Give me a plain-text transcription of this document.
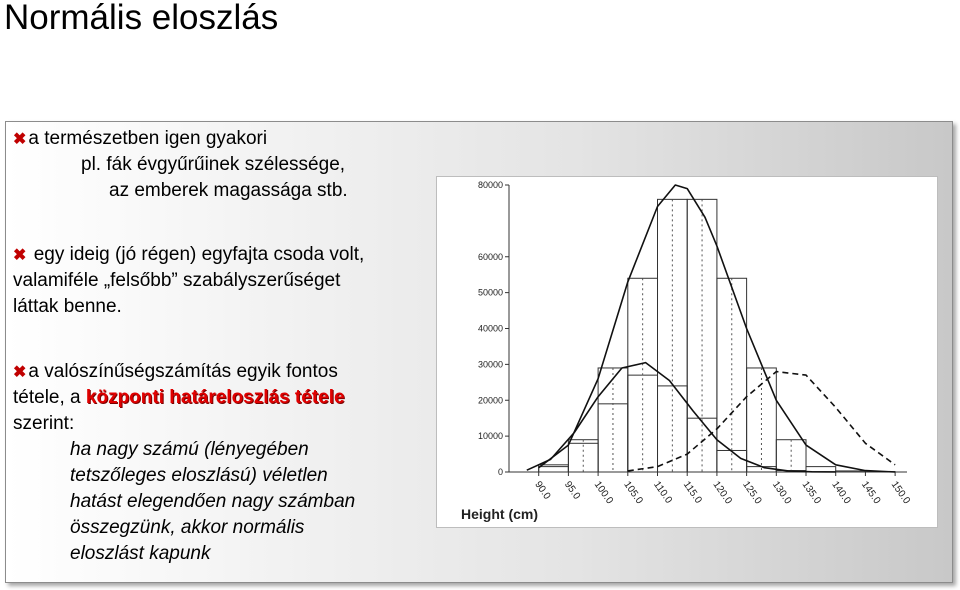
Normális eloszlás
✖ a természetben igen gyakori
pl. fák évgyűrűinek szélessége,
az emberek magassága stb.
✖ egy ideig (jó régen) egyfajta csoda volt,
valamiféle „felsőbb” szabályszerűséget
láttak benne.
✖ a valószínűségszámítás egyik fontos
tétele, a központi határeloszlás tétele
szerint:
ha nagy számú (lényegében
tetszőleges eloszlású) véletlen
hatást elegendően nagy számban
összegzünk, akkor normális
eloszlást kapunk
0
10000
20000
30000
40000
50000
60000
80000
90.0 95.0 100.0 105.0 110.0 115.0 120.0 125.0 130.0 135.0 140.0 145.0 150.0
Height (cm)
